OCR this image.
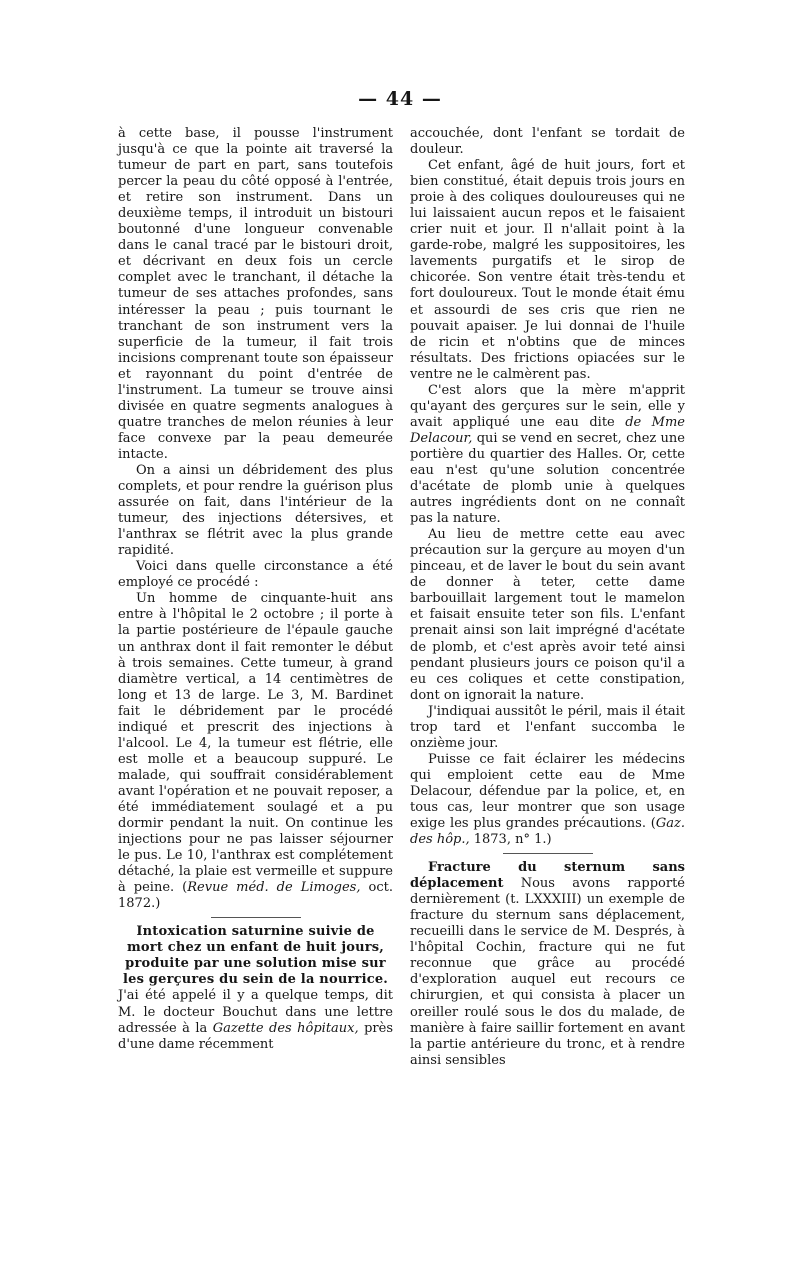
— 44 —

à cette base, il pousse l'instrument jusqu'à ce que la pointe ait traversé la tumeur de part en part, sans toutefois percer la peau du côté opposé à l'entrée, et retire son instrument. Dans un deuxième temps, il introduit un bistouri boutonné d'une longueur convenable dans le canal tracé par le bistouri droit, et décrivant en deux fois un cercle complet avec le tranchant, il détache la tumeur de ses attaches profondes, sans intéresser la peau ; puis tournant le tranchant de son instrument vers la superficie de la tumeur, il fait trois incisions comprenant toute son épaisseur et rayonnant du point d'entrée de l'instrument. La tumeur se trouve ainsi divisée en quatre segments analogues à quatre tranches de melon réunies à leur face convexe par la peau demeurée intacte.

On a ainsi un débridement des plus complets, et pour rendre la guérison plus assurée on fait, dans l'intérieur de la tumeur, des injections détersives, et l'anthrax se flétrit avec la plus grande rapidité.

Voici dans quelle circonstance a été employé ce procédé :

Un homme de cinquante-huit ans entre à l'hôpital le 2 octobre ; il porte à la partie postérieure de l'épaule gauche un anthrax dont il fait remonter le début à trois semaines. Cette tumeur, à grand diamètre vertical, a 14 centimètres de long et 13 de large. Le 3, M. Bardinet fait le débridement par le procédé indiqué et prescrit des injections à l'alcool. Le 4, la tumeur est flétrie, elle est molle et a beaucoup suppuré. Le malade, qui souffrait considérablement avant l'opération et ne pouvait reposer, a été immédiatement soulagé et a pu dormir pendant la nuit. On continue les injections pour ne pas laisser séjourner le pus. Le 10, l'anthrax est complétement détaché, la plaie est vermeille et suppure à peine. (Revue méd. de Limoges, oct. 1872.)

Intoxication saturnine suivie de mort chez un enfant de huit jours, produite par une solution mise sur les gerçures du sein de la nourrice.

J'ai été appelé il y a quelque temps, dit M. le docteur Bouchut dans une lettre adressée à la Gazette des hôpitaux, près d'une dame récemment

accouchée, dont l'enfant se tordait de douleur.

Cet enfant, âgé de huit jours, fort et bien constitué, était depuis trois jours en proie à des coliques douloureuses qui ne lui laissaient aucun repos et le faisaient crier nuit et jour. Il n'allait point à la garde-robe, malgré les suppositoires, les lavements purgatifs et le sirop de chicorée. Son ventre était très-tendu et fort douloureux. Tout le monde était ému et assourdi de ses cris que rien ne pouvait apaiser. Je lui donnai de l'huile de ricin et n'obtins que de minces résultats. Des frictions opiacées sur le ventre ne le calmèrent pas.

C'est alors que la mère m'apprit qu'ayant des gerçures sur le sein, elle y avait appliqué une eau dite de Mme Delacour, qui se vend en secret, chez une portière du quartier des Halles. Or, cette eau n'est qu'une solution concentrée d'acétate de plomb unie à quelques autres ingrédients dont on ne connaît pas la nature.

Au lieu de mettre cette eau avec précaution sur la gerçure au moyen d'un pinceau, et de laver le bout du sein avant de donner à teter, cette dame barbouillait largement tout le mamelon et faisait ensuite teter son fils. L'enfant prenait ainsi son lait imprégné d'acétate de plomb, et c'est après avoir teté ainsi pendant plusieurs jours ce poison qu'il a eu ces coliques et cette constipation, dont on ignorait la nature.

J'indiquai aussitôt le péril, mais il était trop tard et l'enfant succomba le onzième jour.

Puisse ce fait éclairer les médecins qui emploient cette eau de Mme Delacour, défendue par la police, et, en tous cas, leur montrer que son usage exige les plus grandes précautions. (Gaz. des hôp., 1873, n° 1.)

Fracture du sternum sans déplacement Nous avons rapporté dernièrement (t. LXXXIII) un exemple de fracture du sternum sans déplacement, recueilli dans le service de M. Després, à l'hôpital Cochin, fracture qui ne fut reconnue que grâce au procédé d'exploration auquel eut recours ce chirurgien, et qui consista à placer un oreiller roulé sous le dos du malade, de manière à faire saillir fortement en avant la partie antérieure du tronc, et à rendre ainsi sensibles
